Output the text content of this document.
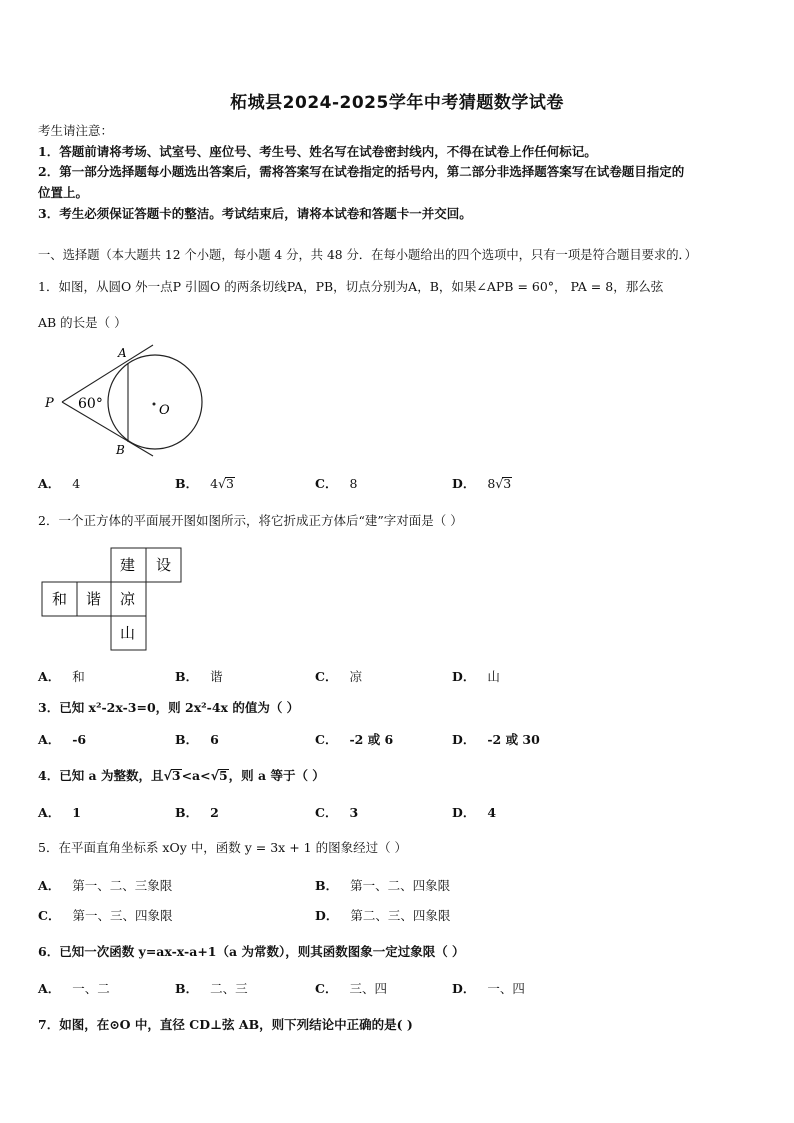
柘城县2024-2025学年中考猜题数学试卷
考生请注意：
1．答题前请将考场、试室号、座位号、考生号、姓名写在试卷密封线内，不得在试卷上作任何标记。
2．第一部分选择题每小题选出答案后，需将答案写在试卷指定的括号内，第二部分非选择题答案写在试卷题目指定的
位置上。
3．考生必须保证答题卡的整洁。考试结束后，请将本试卷和答题卡一并交回。
一、选择题（本大题共 12 个小题，每小题 4 分，共 48 分．在每小题给出的四个选项中，只有一项是符合题目要求的．）
1．如图，从圆O 外一点P 引圆O 的两条切线PA，PB，切点分别为A，B，如果∠APB = 60°， PA = 8，那么弦
AB 的长是（ ）
A
B
P	O
60°
A． 4	B． 4√3	C． 8	D． 8√3
2．一个正方体的平面展开图如图所示，将它折成正方体后“建”字对面是（ ）
建 设
和 谐 凉
山
A． 和	B． 谐	C． 凉	D． 山
3．已知 x²-2x-3=0，则 2x²-4x 的值为（ ）
A． -6	B． 6	C． -2 或 6	D． -2 或 30
4．已知 a 为整数，且√3<a<√5，则 a 等于（ ）
A． 1	B． 2	C． 3	D． 4
5．在平面直角坐标系 xOy 中，函数 y = 3x + 1 的图象经过（ ）
A． 第一、二、三象限	B． 第一、二、四象限
C． 第一、三、四象限	D． 第二、三、四象限
6．已知一次函数 y=ax-x-a+1（a 为常数），则其函数图象一定过象限（ ）
A． 一、二	B． 二、三	C． 三、四	D． 一、四
7．如图，在⊙O 中，直径 CD⊥弦 AB，则下列结论中正确的是( )
